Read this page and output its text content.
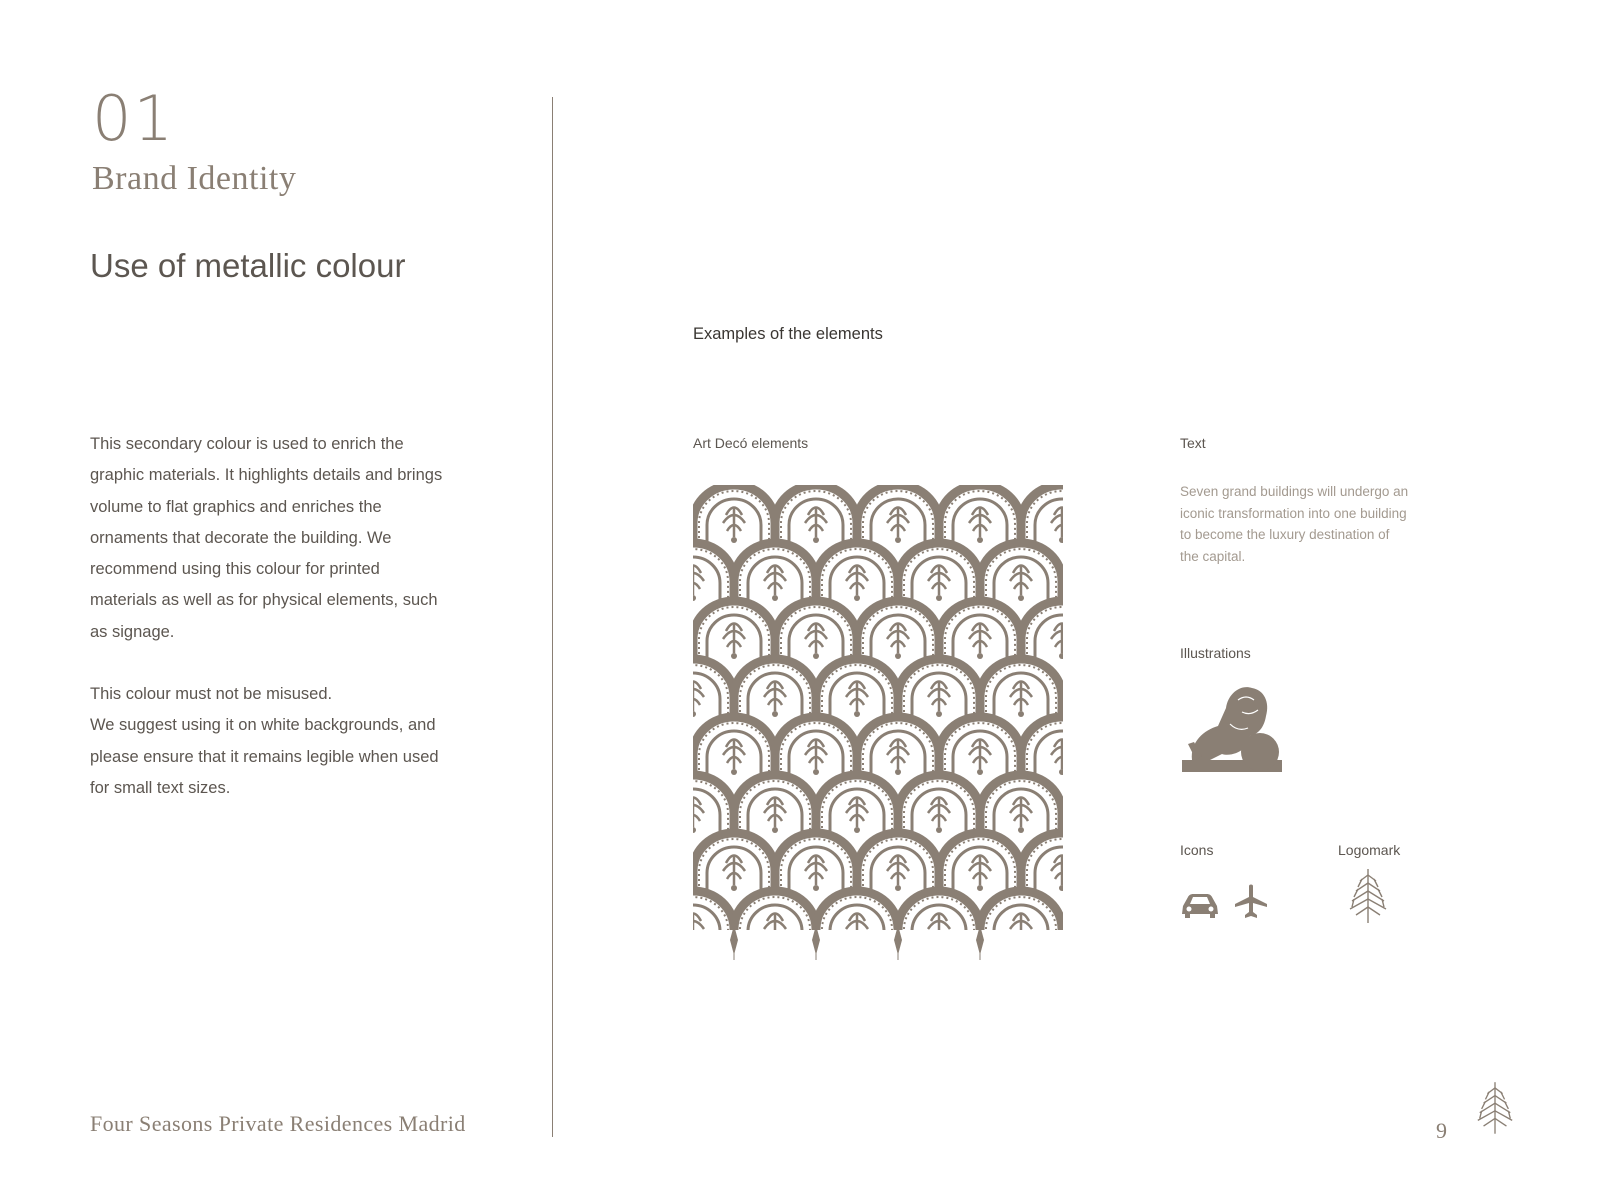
01
Brand Identity
Use of metallic colour

This secondary colour is used to enrich the graphic materials. It highlights details and brings volume to flat graphics and enriches the ornaments that decorate the building. We recommend using this colour for printed materials as well as for physical elements, such as signage.

This colour must not be misused.

We suggest using it on white backgrounds, and please ensure that it remains legible when used for small text sizes.

Examples of the elements
Art Decó elements	Text
Seven grand buildings will undergo an iconic transformation into one building to become the luxury destination of the capital.
Illustrations
Icons	Logomark
Four Seasons Private Residences Madrid	9
